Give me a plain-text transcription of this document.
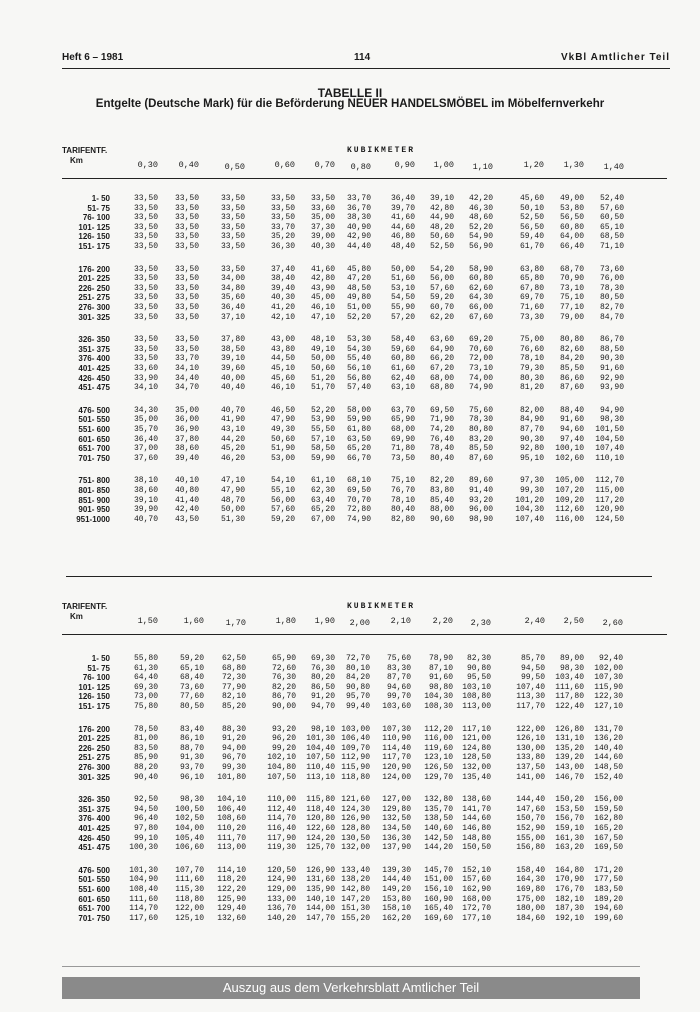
Heft 6 – 1981	114	VkBl Amtlicher Teil
TABELLE II
Entgelte (Deutsche Mark) für die Beförderung NEUER HANDELSMÖBEL im Möbelfernverkehr
TARIFENTF.
Km
KUBIKMETER
0,30	0,40	0,50	0,60	0,70	0,80	0,90	1,00	1,10	1,20	1,30	1,40
1- 50	33,50	33,50	33,50	33,50	33,50	33,70	36,40	39,10	42,20	45,60	49,00	52,40
51- 75	33,50	33,50	33,50	33,50	33,60	36,70	39,70	42,80	46,30	50,10	53,80	57,60
76- 100	33,50	33,50	33,50	33,50	35,00	38,30	41,60	44,90	48,60	52,50	56,50	60,50
101- 125	33,50	33,50	33,50	33,70	37,30	40,90	44,60	48,20	52,20	56,50	60,80	65,10
126- 150	33,50	33,50	33,50	35,20	39,00	42,90	46,80	50,60	54,90	59,40	64,00	68,50
151- 175	33,50	33,50	33,50	36,30	40,30	44,40	48,40	52,50	56,90	61,70	66,40	71,10
176- 200	33,50	33,50	33,50	37,40	41,60	45,80	50,00	54,20	58,90	63,80	68,70	73,60
201- 225	33,50	33,50	34,00	38,40	42,80	47,20	51,60	56,00	60,80	65,80	70,90	76,00
226- 250	33,50	33,50	34,80	39,40	43,90	48,50	53,10	57,60	62,60	67,80	73,10	78,30
251- 275	33,50	33,50	35,60	40,30	45,00	49,80	54,50	59,20	64,30	69,70	75,10	80,50
276- 300	33,50	33,50	36,40	41,20	46,10	51,00	55,90	60,70	66,00	71,60	77,10	82,70
301- 325	33,50	33,50	37,10	42,10	47,10	52,20	57,20	62,20	67,60	73,30	79,00	84,70
326- 350	33,50	33,50	37,80	43,00	48,10	53,30	58,40	63,60	69,20	75,00	80,80	86,70
351- 375	33,50	33,50	38,50	43,80	49,10	54,30	59,60	64,90	70,60	76,60	82,60	88,50
376- 400	33,50	33,70	39,10	44,50	50,00	55,40	60,80	66,20	72,00	78,10	84,20	90,30
401- 425	33,60	34,10	39,60	45,10	50,60	56,10	61,60	67,20	73,10	79,30	85,50	91,60
426- 450	33,90	34,40	40,00	45,60	51,20	56,80	62,40	68,00	74,00	80,30	86,60	92,90
451- 475	34,10	34,70	40,40	46,10	51,70	57,40	63,10	68,80	74,90	81,20	87,60	93,90
476- 500	34,30	35,00	40,70	46,50	52,20	58,00	63,70	69,50	75,60	82,00	88,40	94,90
501- 550	35,00	36,00	41,90	47,90	53,90	59,90	65,90	71,90	78,30	84,90	91,60	98,30
551- 600	35,70	36,90	43,10	49,30	55,50	61,80	68,00	74,20	80,80	87,70	94,60	101,50
601- 650	36,40	37,80	44,20	50,60	57,10	63,50	69,90	76,40	83,20	90,30	97,40	104,50
651- 700	37,00	38,60	45,20	51,90	58,50	65,20	71,80	78,40	85,50	92,80	100,10	107,40
701- 750	37,60	39,40	46,20	53,00	59,90	66,70	73,50	80,40	87,60	95,10	102,60	110,10
751- 800	38,10	40,10	47,10	54,10	61,10	68,10	75,10	82,20	89,60	97,30	105,00	112,70
801- 850	38,60	40,80	47,90	55,10	62,30	69,50	76,70	83,80	91,40	99,30	107,20	115,00
851- 900	39,10	41,40	48,70	56,00	63,40	70,70	78,10	85,40	93,20	101,20	109,20	117,20
901- 950	39,90	42,40	50,00	57,60	65,20	72,80	80,40	88,00	96,00	104,30	112,60	120,90
951-1000	40,70	43,50	51,30	59,20	67,00	74,90	82,80	90,60	98,90	107,40	116,00	124,50
TARIFENTF.
Km
KUBIKMETER
1,50	1,60	1,70	1,80	1,90	2,00	2,10	2,20	2,30	2,40	2,50	2,60
1- 50	55,80	59,20	62,50	65,90	69,30	72,70	75,60	78,90	82,30	85,70	89,00	92,40
51- 75	61,30	65,10	68,80	72,60	76,30	80,10	83,30	87,10	90,80	94,50	98,30	102,00
76- 100	64,40	68,40	72,30	76,30	80,20	84,20	87,70	91,60	95,50	99,50	103,40	107,30
101- 125	69,30	73,60	77,90	82,20	86,50	90,80	94,60	98,80	103,10	107,40	111,60	115,90
126- 150	73,00	77,60	82,10	86,70	91,20	95,70	99,70	104,30	108,80	113,30	117,80	122,30
151- 175	75,80	80,50	85,20	90,00	94,70	99,40	103,60	108,30	113,00	117,70	122,40	127,10
176- 200	78,50	83,40	88,30	93,20	98,10 103,00	107,30	112,20	117,10	122,00	126,80	131,70
201- 225	81,00	86,10	91,20	96,20	101,30 106,40	110,90	116,00	121,00	126,10	131,10	136,20
226- 250	83,50	88,70	94,00	99,20	104,40 109,70	114,40	119,60	124,80	130,00	135,20	140,40
251- 275	85,90	91,30	96,70	102,10	107,50 112,90	117,70	123,10	128,50	133,80	139,20	144,60
276- 300	88,20	93,70	99,30	104,80	110,40 115,90	120,90	126,50	132,00	137,50	143,00	148,50
301- 325	90,40	96,10	101,80	107,50	113,10 118,80	124,00	129,70	135,40	141,00	146,70	152,40
326- 350	92,50	98,30	104,10	110,00	115,80 121,60	127,00	132,80	138,60	144,40	150,20	156,00
351- 375	94,50	100,50	106,40	112,40	118,40 124,30	129,80	135,70	141,70	147,60	153,50	159,50
376- 400	96,40	102,50	108,60	114,70	120,80 126,90	132,50	138,50	144,60	150,70	156,70	162,80
401- 425	97,80	104,00	110,20	116,40	122,60 128,80	134,50	140,60	146,80	152,90	159,10	165,20
426- 450	99,10	105,40	111,70	117,90	124,20 130,50	136,30	142,50	148,80	155,00	161,30	167,50
451- 475	100,30	106,60	113,00	119,30	125,70 132,00	137,90	144,20	150,50	156,80	163,20	169,50
476- 500	101,30	107,70	114,10	120,50	126,90 133,40	139,30	145,70	152,10	158,40	164,80	171,20
501- 550	104,90	111,60	118,20	124,90	131,60 138,20	144,40	151,00	157,60	164,30	170,90	177,50
551- 600	108,40	115,30	122,20	129,00	135,90 142,80	149,20	156,10	162,90	169,80	176,70	183,50
601- 650	111,60	118,80	125,90	133,00	140,10 147,20	153,80	160,90	168,00	175,00	182,10	189,20
651- 700	114,70	122,00	129,40	136,70	144,00 151,30	158,10	165,40	172,70	180,00	187,30	194,60
701- 750	117,60	125,10	132,60	140,20	147,70 155,20	162,20	169,60	177,10	184,60	192,10	199,60
Auszug aus dem Verkehrsblatt Amtlicher Teil
